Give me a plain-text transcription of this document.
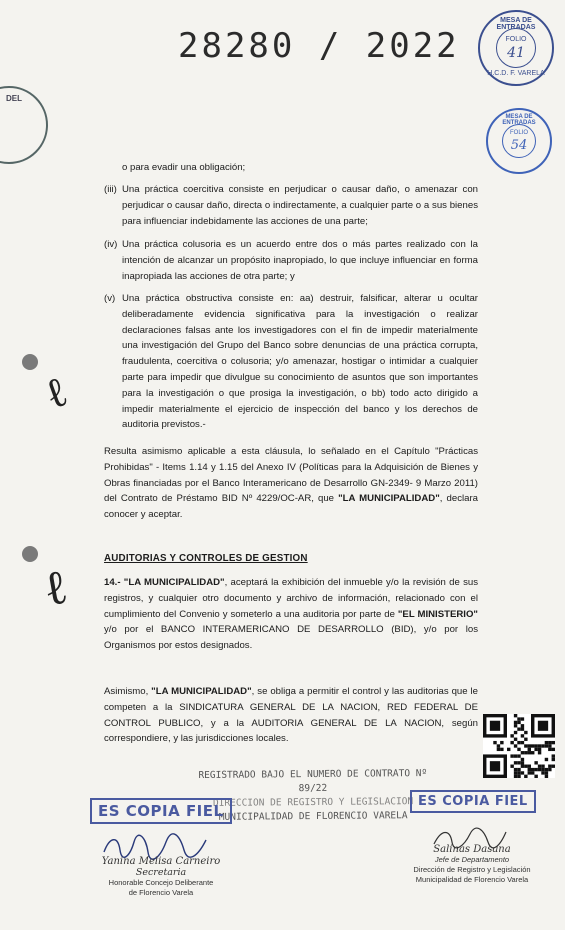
28280 / 2022
MESA DE ENTRADAS
FOLIO
41
H.C.D. F. VARELA
MESA DE ENTRADAS
FOLIO
54
DEL
ℓ
ℓ
o para evadir una obligación;
(iii) Una práctica coercitiva consiste en perjudicar o causar daño, o amenazar con perjudicar o causar daño, directa o indirectamente, a cualquier parte o a sus bienes para influenciar indebidamente las acciones de una parte;
(iv) Una práctica colusoria es un acuerdo entre dos o más partes realizado con la intención de alcanzar un propósito inapropiado, lo que incluye influenciar en forma inapropiada las acciones de otra parte; y
(v) Una práctica obstructiva consiste en: aa) destruir, falsificar, alterar u ocultar deliberadamente evidencia significativa para la investigación o realizar declaraciones falsas ante los investigadores con el fin de impedir materialmente una investigación del Grupo del Banco sobre denuncias de una práctica corrupta, fraudulenta, coercitiva o colusoria; y/o amenazar, hostigar o intimidar a cualquier parte para impedir que divulgue su conocimiento de asuntos que son importantes para la investigación o que prosiga la investigación, o bb) todo acto dirigido a impedir materialmente el ejercicio de inspección del banco y los derechos de auditoria previstos.-
Resulta asimismo aplicable a esta cláusula, lo señalado en el Capítulo "Prácticas Prohibidas" - Items 1.14 y 1.15 del Anexo IV (Políticas para la Adquisición de Bienes y Obras financiadas por el Banco Interamericano de Desarrollo GN-2349- 9 Marzo 2011) del Contrato de Préstamo BID Nº 4229/OC-AR, que "LA MUNICIPALIDAD", declara conocer y aceptar.
AUDITORIAS Y CONTROLES DE GESTION
14.- "LA MUNICIPALIDAD", aceptará la exhibición del inmueble y/o la revisión de sus registros, y cualquier otro documento y archivo de información, relacionado con el cumplimiento del Convenio y someterlo a una auditoria por parte de "EL MINISTERIO" y/o por el BANCO INTERAMERICANO DE DESARROLLO (BID), y/o por los Organismos por estos designados.
Asimismo, "LA MUNICIPALIDAD", se obliga a permitir el control y las auditorias que le competen a la SINDICATURA GENERAL DE LA NACION, RED FEDERAL DE CONTROL PUBLICO, y a la AUDITORIA GENERAL DE LA NACION, según correspondiere, y las jurisdicciones locales.
REGISTRADO BAJO EL NUMERO DE CONTRATO Nº 89/22
DIRECCION DE REGISTRO Y LEGISLACION
MUNICIPALIDAD DE FLORENCIO VARELA
ES COPIA FIEL
ES COPIA FIEL
Yanina Melisa Carneiro
Secretaria
Honorable Concejo Deliberante
de Florencio Varela
Salinas Dasana
Jefe de Departamento
Dirección de Registro y Legislación
Municipalidad de Florencio Varela
